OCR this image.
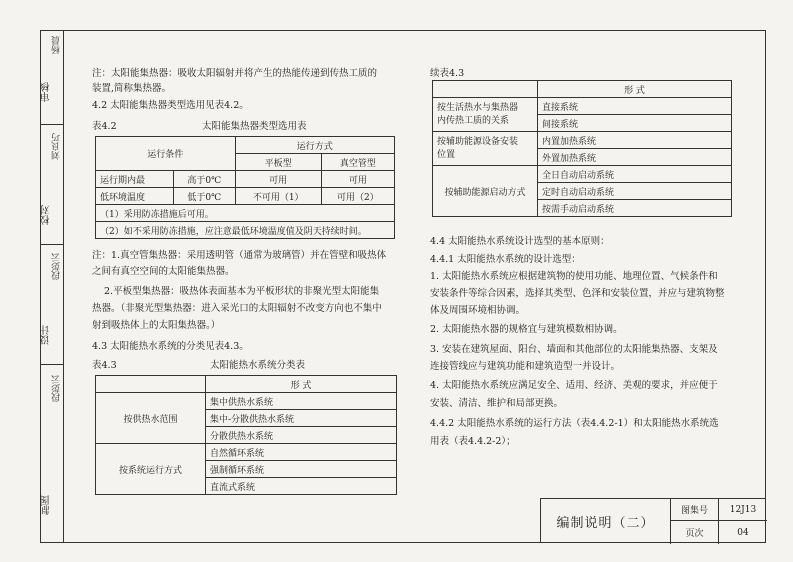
审核
杨晨
校对
刘良巧
设计
段彭云
制图
段彭云
注：太阳能集热器：吸收太阳辐射并将产生的热能传递到传热工质的
装置,简称集热器。
4.2 太阳能集热器类型选用见表4.2。
表4.2	太阳能集热器类型选用表
运行条件		运行方式	
		平板型	真空管型
运行期内最	高于0℃	可用	可用
低环境温度	低于0℃	不可用（1）	可用（2）
（1）采用防冻措施后可用。			
（2）如不采用防冻措施，应注意最低环境温度值及阴天持续时间。			
注：1.真空管集热器：采用透明管（通常为玻璃管）并在管壁和吸热体
之间有真空空间的太阳能集热器。
2.平板型集热器：吸热体表面基本为平板形状的非聚光型太阳能集
热器。（非聚光型集热器：进入采光口的太阳辐射不改变方向也不集中
射到吸热体上的太阳集热器。）
4.3 太阳能热水系统的分类见表4.3。
表4.3	太阳能热水系统分类表
	形 式
按供热水范围	集中供热水系统
	集中-分散供热水系统
	分散供热水系统
按系统运行方式	自然循环系统
	强制循环系统
	直流式系统
续表4.3
	形 式
按生活热水与集热器
内传热工质的关系	直接系统
	间接系统
按辅助能源设备安装
位置	内置加热系统
	外置加热系统
按辅助能源启动方式	全日自动启动系统
	定时自动启动系统
	按需手动启动系统
4.4 太阳能热水系统设计选型的基本原则：
4.4.1 太阳能热水系统的设计选型：
1. 太阳能热水系统应根据建筑物的使用功能、地理位置、气候条件和
安装条件等综合因素，选择其类型、色泽和安装位置，并应与建筑物整
体及周围环境相协调。
2. 太阳能热水器的规格宜与建筑模数相协调。
3. 安装在建筑屋面、阳台、墙面和其他部位的太阳能集热器、支架及
连接管线应与建筑功能和建筑造型一并设计。
4. 太阳能热水系统应满足安全、适用、经济、美观的要求，并应便于
安装、清洁、维护和局部更换。
4.4.2 太阳能热水系统的运行方法（表4.4.2-1）和太阳能热水系统选
用表（表4.4.2-2）；
编制说明（二）
图集号	12J13
页次	04
